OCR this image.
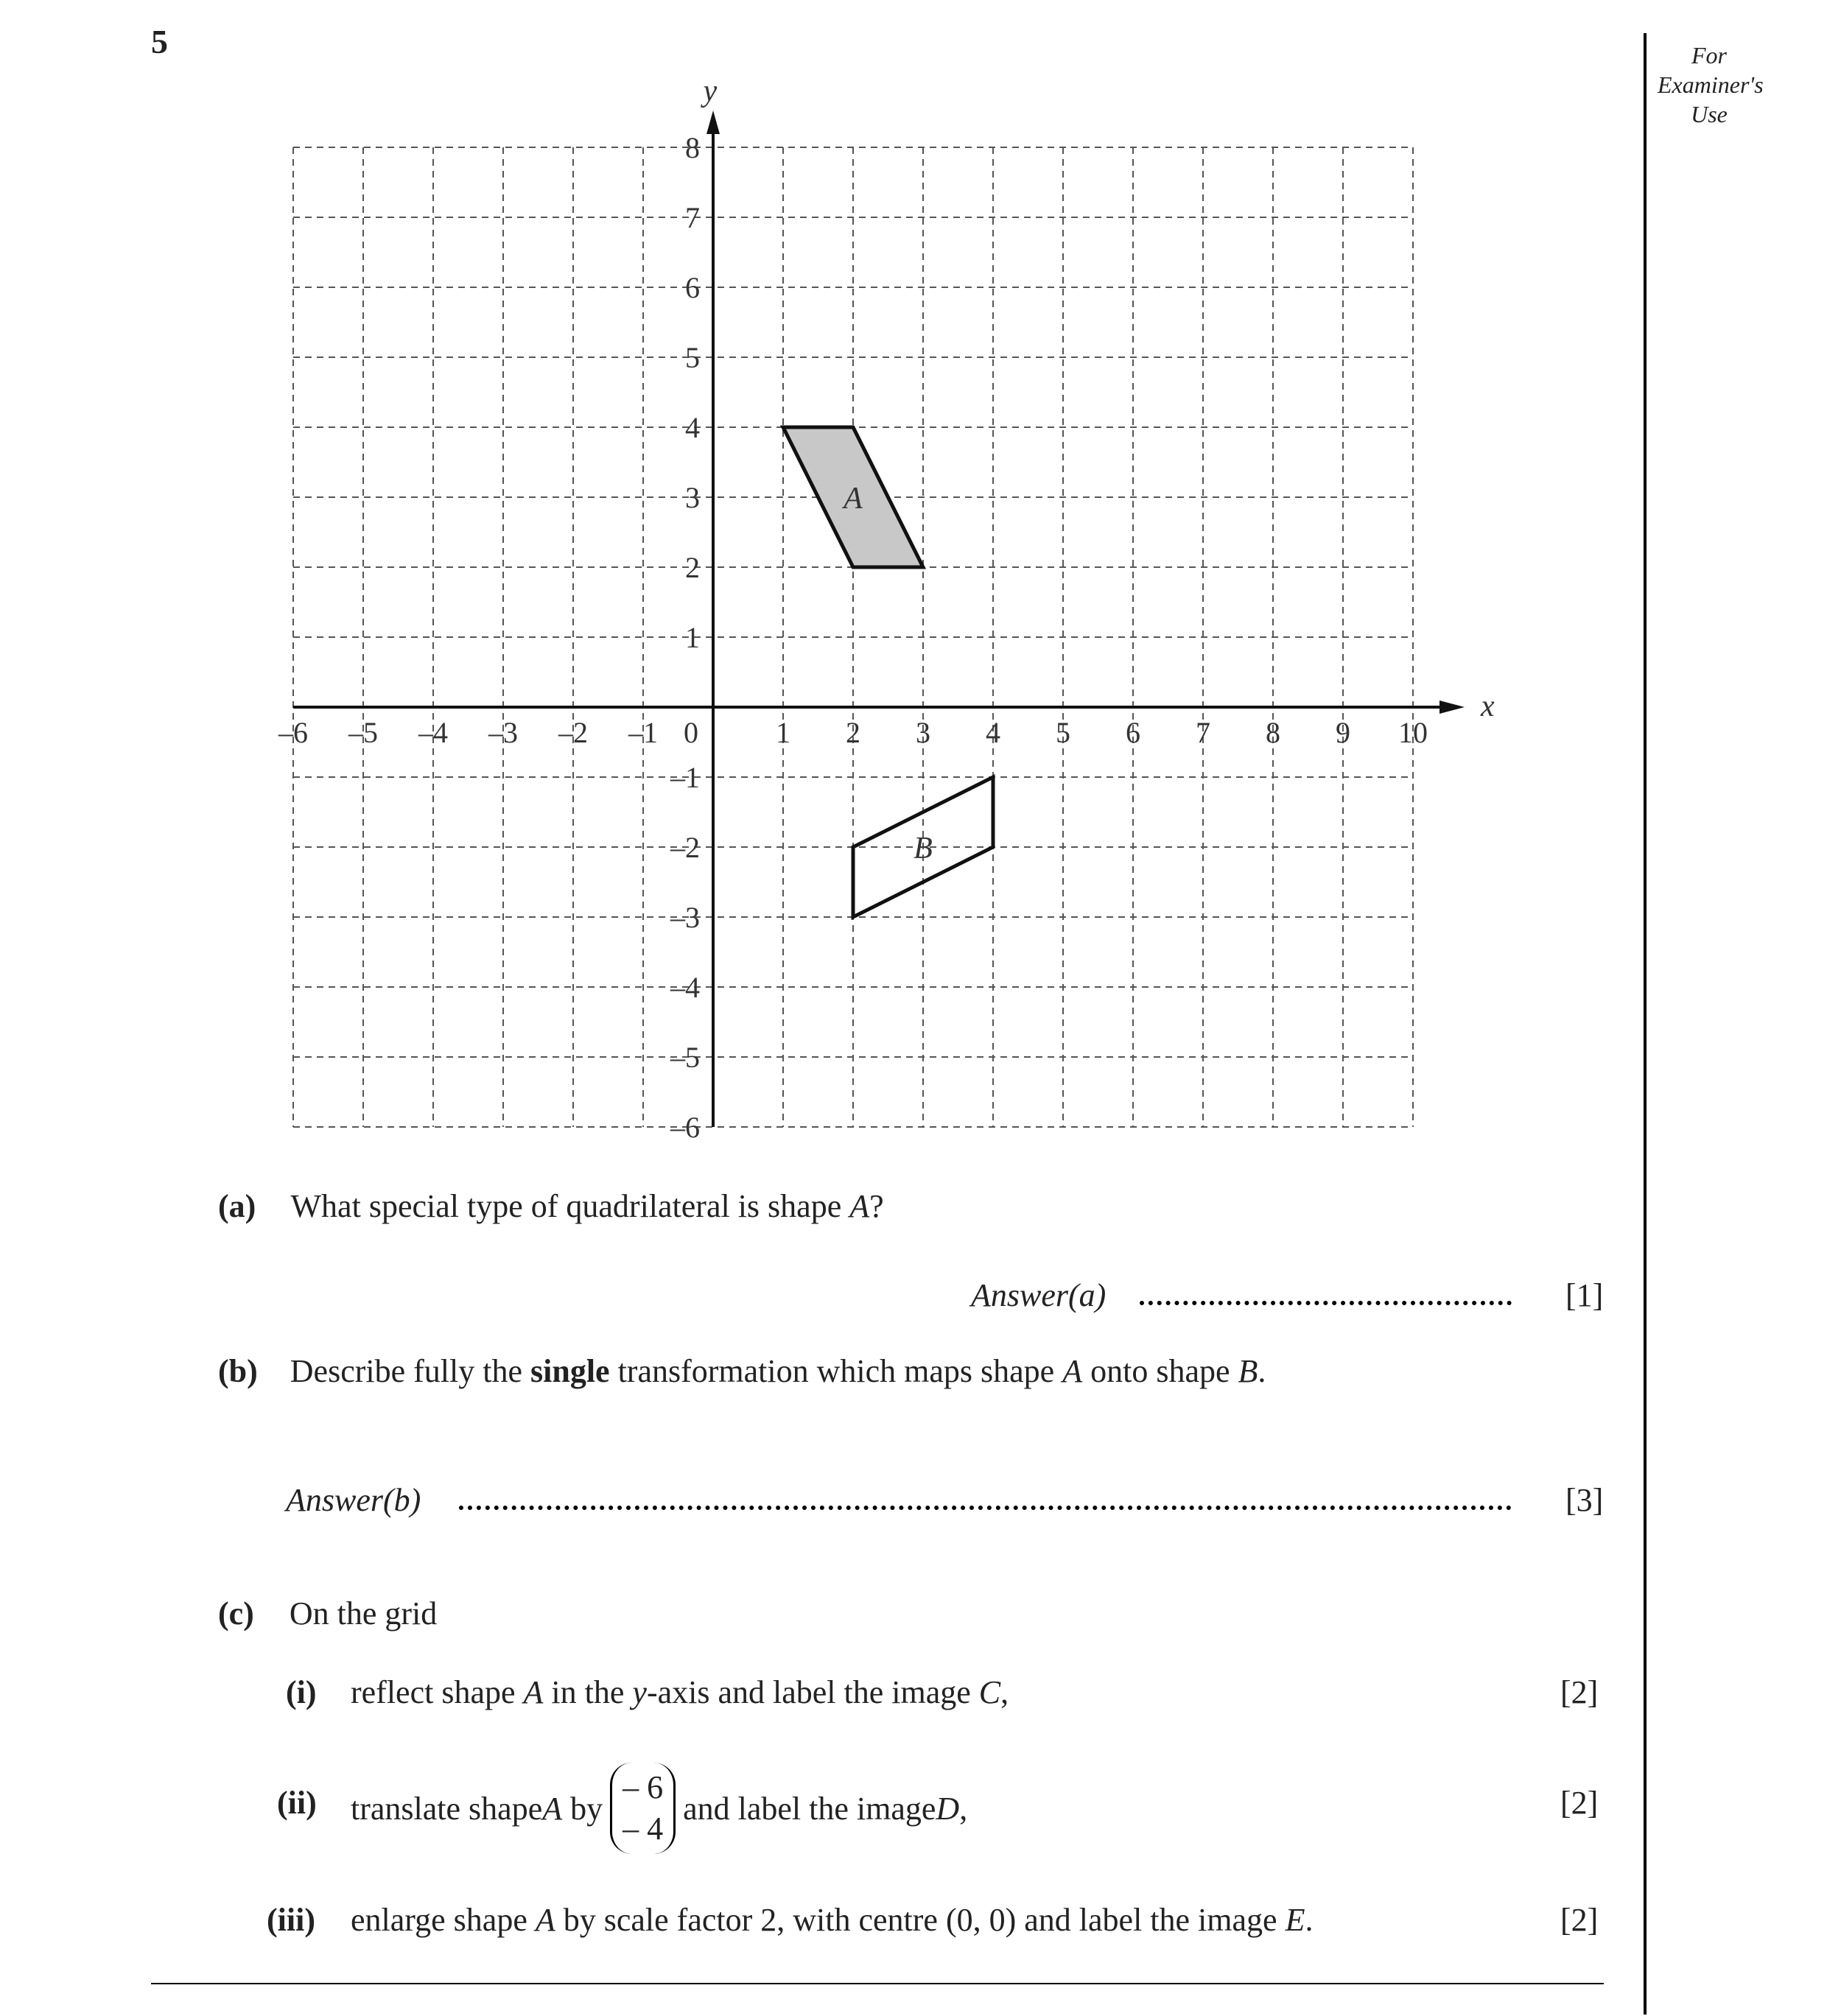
5	For
Examiner's
Use
A
B
x
y
–6 –5 –4 –3 –2 –1 0	1 2 3 4 5 6 7 8 9 10
8
7
6
5
4
3
2
1
–1
–2
–3
–4
–5
–6
(a) What special type of quadrilateral is shape A?
Answer(a)	[1]
(b) Describe fully the single transformation which maps shape A onto shape B.
Answer(b)	[3]
(c) On the grid
(i) reflect shape A in the y-axis and label the image C,	[2]
(ii) translate shape A
by
– 6
– 4
and label the image D ,	[2]
(iii) enlarge shape A by scale factor 2, with centre (0, 0) and label the image E.	[2]
